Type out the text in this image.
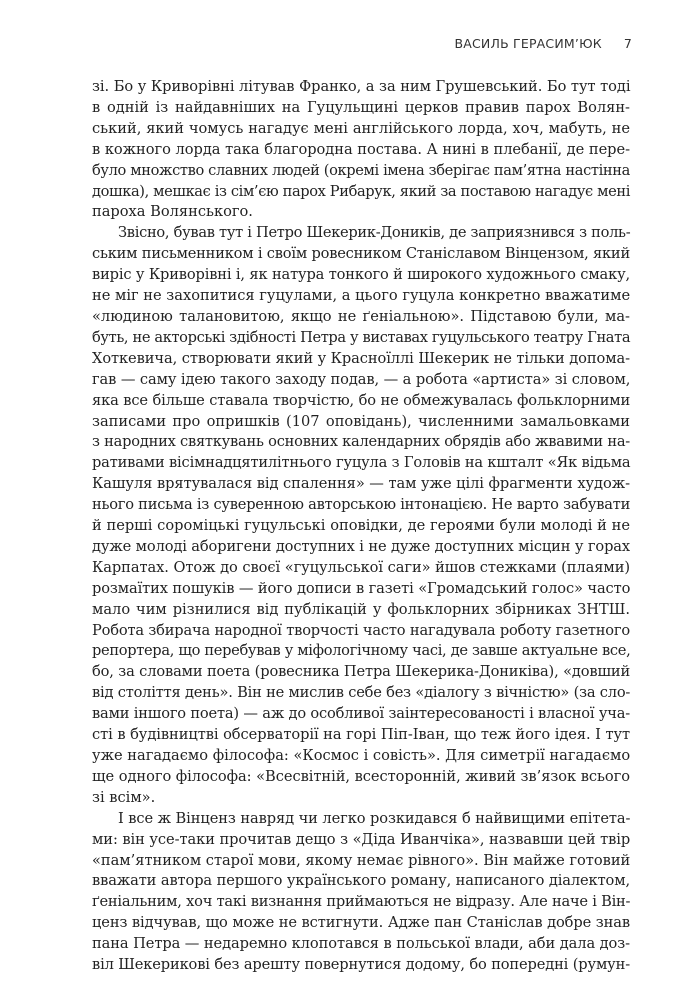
ВАСИЛЬ ГЕРАСИМ’ЮК 7
зі. Бо у Криворівні літував Франко, а за ним Грушевський. Бо тут тоді
в одній із найдавніших на Гуцульщині церков правив парох Волян-
ський, який чомусь нагадує мені англійського лорда, хоч, мабуть, не
в кожного лорда така благородна постава. А нині в плебанії, де пере-
було множство славних людей (окремі імена зберігає пам’ятна настінна
дошка), мешкає із сім’єю парох Рибарук, який за поставою нагадує мені
пароха Волянського.
Звісно, бував тут і Петро Шекерик-Доників, де заприязнився з поль-
ським письменником і своїм ровесником Станіславом Вінцензом, який
виріс у Криворівні і, як натура тонкого й широкого художнього смаку,
не міг не захопитися гуцулами, а цього гуцула конкретно вважатиме
«людиною талановитою, якщо не ґеніальною». Підставою були, ма-
буть, не акторські здібності Петра у виставах гуцульського театру Гната
Хоткевича, створювати який у Красноїллі Шекерик не тільки допома-
гав — саму ідею такого заходу подав, — а робота «артиста» зі словом,
яка все більше ставала творчістю, бо не обмежувалась фольклорними
записами про опришків (107 оповідань), численними замальовками
з народних святкувань основних календарних обрядів або жвавими на-
ративами вісімнадцятилітнього гуцула з Головів на кшталт «Як відьма
Кашуля врятувалася від спалення» — там уже цілі фрагменти худож-
нього письма із суверенною авторською інтонацією. Не варто забувати
й перші сороміцькі гуцульські оповідки, де героями були молоді й не
дуже молоді аборигени доступних і не дуже доступних місцин у горах
Карпатах. Отож до своєї «гуцульської саги» йшов стежками (плаями)
розмаїтих пошуків — його дописи в газеті «Громадський голос» часто
мало чим різнилися від публікацій у фольклорних збірниках ЗНТШ.
Робота збирача народної творчості часто нагадувала роботу газетного
репортера, що перебував у міфологічному часі, де завше актуальне все,
бо, за словами поета (ровесника Петра Шекерика-Дониківа), «довший
від століття день». Він не мислив себе без «діалогу з вічністю» (за сло-
вами іншого поета) — аж до особливої заінтересованості і власної уча-
сті в будівництві обсерваторії на горі Піп-Іван, що теж його ідея. І тут
уже нагадаємо філософа: «Космос і совість». Для симетрії нагадаємо
ще одного філософа: «Всесвітній, всесторонній, живий зв’язок всього
зі всім».
І все ж Вінценз навряд чи легко розкидався б найвищими епітета-
ми: він усе-таки прочитав дещо з «Діда Иванчіка», назвавши цей твір
«пам’ятником старої мови, якому немає рівного». Він майже готовий
вважати автора першого українського роману, написаного діалектом,
ґеніальним, хоч такі визнання приймаються не відразу. Але наче і Він-
ценз відчував, що може не встигнути. Адже пан Станіслав добре знав
пана Петра — недаремно клопотався в польської влади, аби дала доз-
віл Шекерикові без арешту повернутися додому, бо попередні (румун-
